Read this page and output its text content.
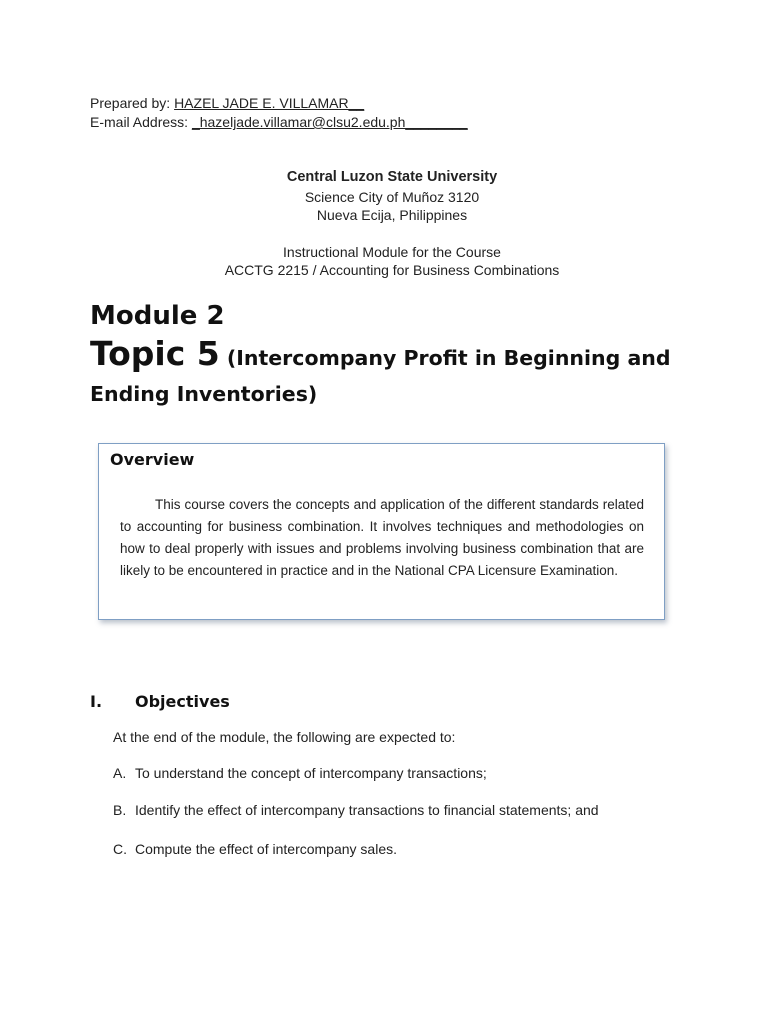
Prepared by: HAZEL JADE E. VILLAMAR__
E-mail Address: _hazeljade.villamar@clsu2.edu.ph________
Central Luzon State University
Science City of Muñoz 3120
Nueva Ecija, Philippines
Instructional Module for the Course
ACCTG 2215 / Accounting for Business Combinations
Module 2
Topic 5 (Intercompany Profit in Beginning and Ending Inventories)
Overview
This course covers the concepts and application of the different standards related to accounting for business combination. It involves techniques and methodologies on how to deal properly with issues and problems involving business combination that are likely to be encountered in practice and in the National CPA Licensure Examination.
I. Objectives
At the end of the module, the following are expected to:
A. To understand the concept of intercompany transactions;
B. Identify the effect of intercompany transactions to financial statements; and
C. Compute the effect of intercompany sales.
